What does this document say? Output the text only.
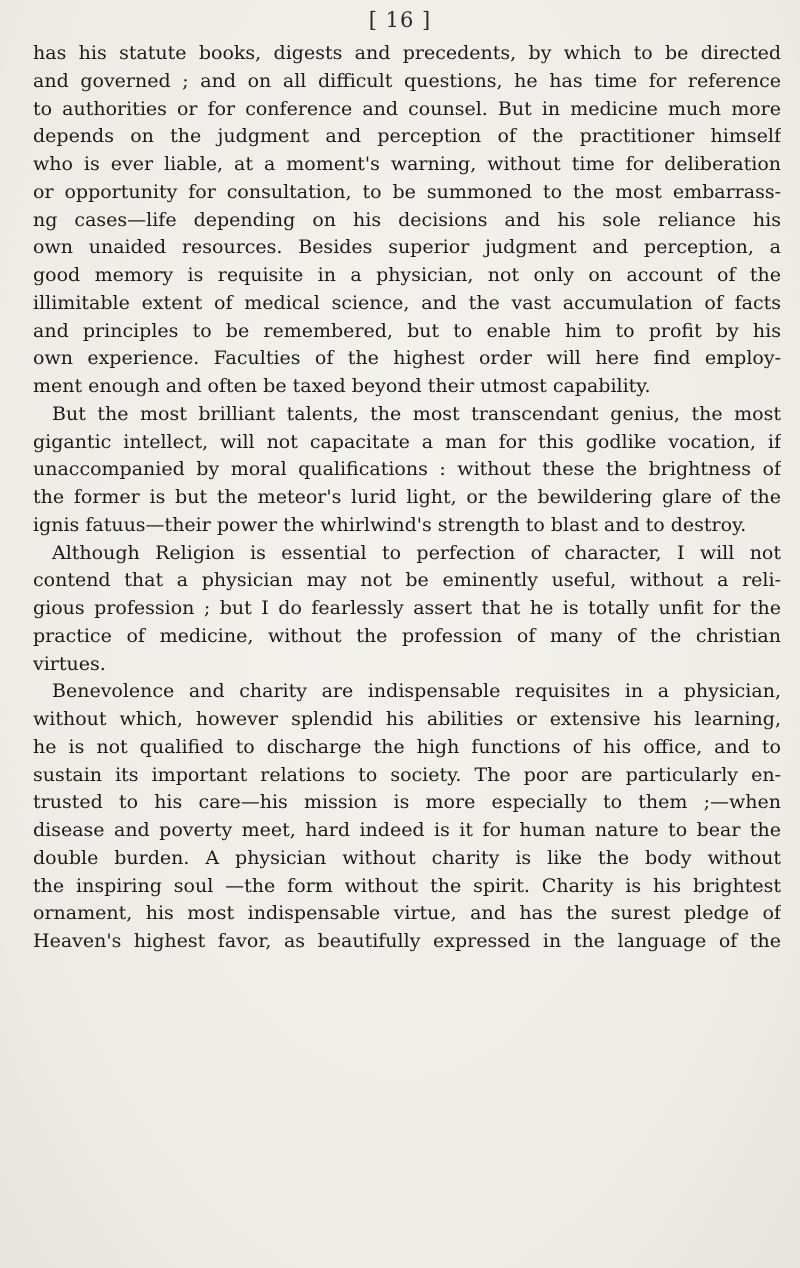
[ 16 ]
has his statute books, digests and precedents, by which to be directed
and governed ; and on all difficult questions, he has time for reference
to authorities or for conference and counsel. But in medicine much more
depends on the judgment and perception of the practitioner himself
who is ever liable, at a moment's warning, without time for deliberation
or opportunity for consultation, to be summoned to the most embarrass-
ng cases—life depending on his decisions and his sole reliance his
own unaided resources. Besides superior judgment and perception, a
good memory is requisite in a physician, not only on account of the
illimitable extent of medical science, and the vast accumulation of facts
and principles to be remembered, but to enable him to profit by his
own experience. Faculties of the highest order will here find employ-
ment enough and often be taxed beyond their utmost capability.
But the most brilliant talents, the most transcendant genius, the most
gigantic intellect, will not capacitate a man for this godlike vocation, if
unaccompanied by moral qualifications : without these the brightness of
the former is but the meteor's lurid light, or the bewildering glare of the
ignis fatuus—their power the whirlwind's strength to blast and to destroy.
Although Religion is essential to perfection of character, I will not
contend that a physician may not be eminently useful, without a reli-
gious profession ; but I do fearlessly assert that he is totally unfit for the
practice of medicine, without the profession of many of the christian
virtues.
Benevolence and charity are indispensable requisites in a physician,
without which, however splendid his abilities or extensive his learning,
he is not qualified to discharge the high functions of his office, and to
sustain its important relations to society. The poor are particularly en-
trusted to his care—his mission is more especially to them ;—when
disease and poverty meet, hard indeed is it for human nature to bear the
double burden. A physician without charity is like the body without
the inspiring soul —the form without the spirit. Charity is his brightest
ornament, his most indispensable virtue, and has the surest pledge of
Heaven's highest favor, as beautifully expressed in the language of the
